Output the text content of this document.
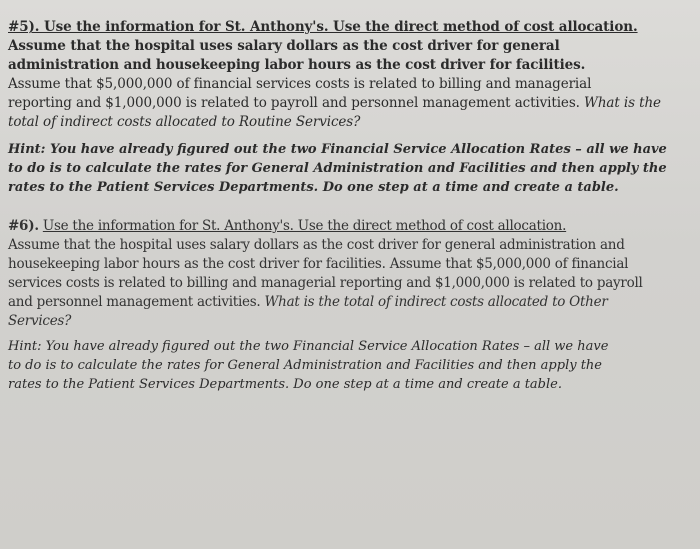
#5). Use the information for St. Anthony's. Use the direct method of cost allocation.

Assume that the hospital uses salary dollars as the cost driver for general

administration and housekeeping labor hours as the cost driver for facilities.

Assume that $5,000,000 of financial services costs is related to billing and managerial

reporting and $1,000,000 is related to payroll and personnel management activities. What is the

total of indirect costs allocated to Routine Services?

Hint: You have already figured out the two Financial Service Allocation Rates – all we have
to do is to calculate the rates for General Administration and Facilities and then apply the
rates to the Patient Services Departments. Do one step at a time and create a table.

#6). Use the information for St. Anthony's. Use the direct method of cost allocation.

Assume that the hospital uses salary dollars as the cost driver for general administration and

housekeeping labor hours as the cost driver for facilities. Assume that $5,000,000 of financial

services costs is related to billing and managerial reporting and $1,000,000 is related to payroll

and personnel management activities. What is the total of indirect costs allocated to Other

Services?

Hint: You have already figured out the two Financial Service Allocation Rates – all we have
to do is to calculate the rates for General Administration and Facilities and then apply the
rates to the Patient Services Departments. Do one step at a time and create a table.
